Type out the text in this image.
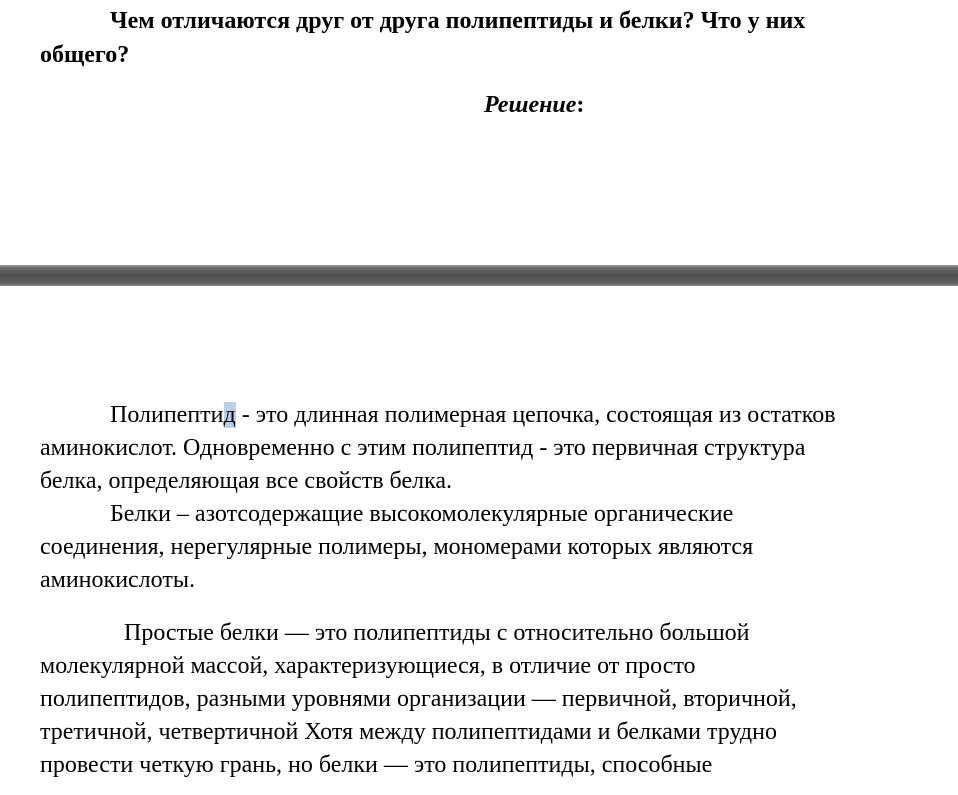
Чем отличаются друг от друга полипептиды и белки? Что у них
общего?

Решение:

Полипептид - это длинная полимерная цепочка, состоящая из остатков
аминокислот. Одновременно с этим полипептид - это первичная структура
белка, определяющая все свойств белка.

Белки – азотсодержащие высокомолекулярные органические
соединения, нерегулярные полимеры, мономерами которых являются
аминокислоты.

Простые белки — это полипептиды с относительно большой
молекулярной массой, характеризующиеся, в отличие от просто
полипептидов, разными уровнями организации — первичной, вторичной,
третичной, четвертичной Хотя между полипептидами и белками трудно
провести четкую грань, но белки — это полипептиды, способные
